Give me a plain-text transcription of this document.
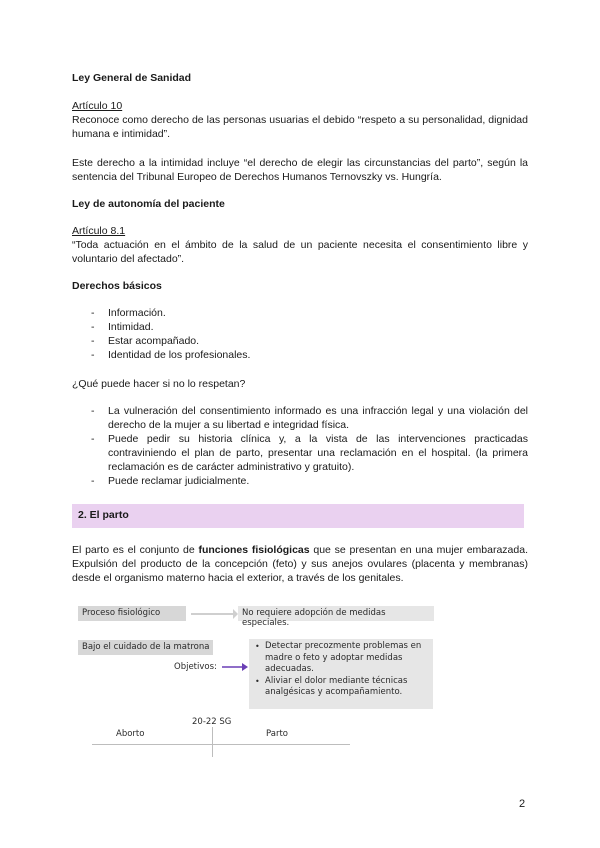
Ley General de Sanidad
Artículo 10
Reconoce como derecho de las personas usuarias el debido “respeto a su personalidad, dignidad humana e intimidad”.
Este derecho a la intimidad incluye “el derecho de elegir las circunstancias del parto”, según la sentencia del Tribunal Europeo de Derechos Humanos Ternovszky vs. Hungría.
Ley de autonomía del paciente
Artículo 8.1
“Toda actuación en el ámbito de la salud de un paciente necesita el consentimiento libre y voluntario del afectado”.
Derechos básicos
- Información.
- Intimidad.
- Estar acompañado.
- Identidad de los profesionales.
¿Qué puede hacer si no lo respetan?
- La vulneración del consentimiento informado es una infracción legal y una violación del derecho de la mujer a su libertad e integridad física.
- Puede pedir su historia clínica y, a la vista de las intervenciones practicadas contraviniendo el plan de parto, presentar una reclamación en el hospital. (la primera reclamación es de carácter administrativo y gratuito).
- Puede reclamar judicialmente.
2. El parto
El parto es el conjunto de funciones fisiológicas que se presentan en una mujer embarazada. Expulsión del producto de la concepción (feto) y sus anejos ovulares (placenta y membranas) desde el organismo materno hacia el exterior, a través de los genitales.
Proceso fisiológico	No requiere adopción de medidas especiales.
Bajo el cuidado de la matrona
Objetivos:
• Detectar precozmente problemas en madre o feto y adoptar medidas adecuadas.
• Aliviar el dolor mediante técnicas analgésicas y acompañamiento.
20-22 SG
Aborto	Parto
2
